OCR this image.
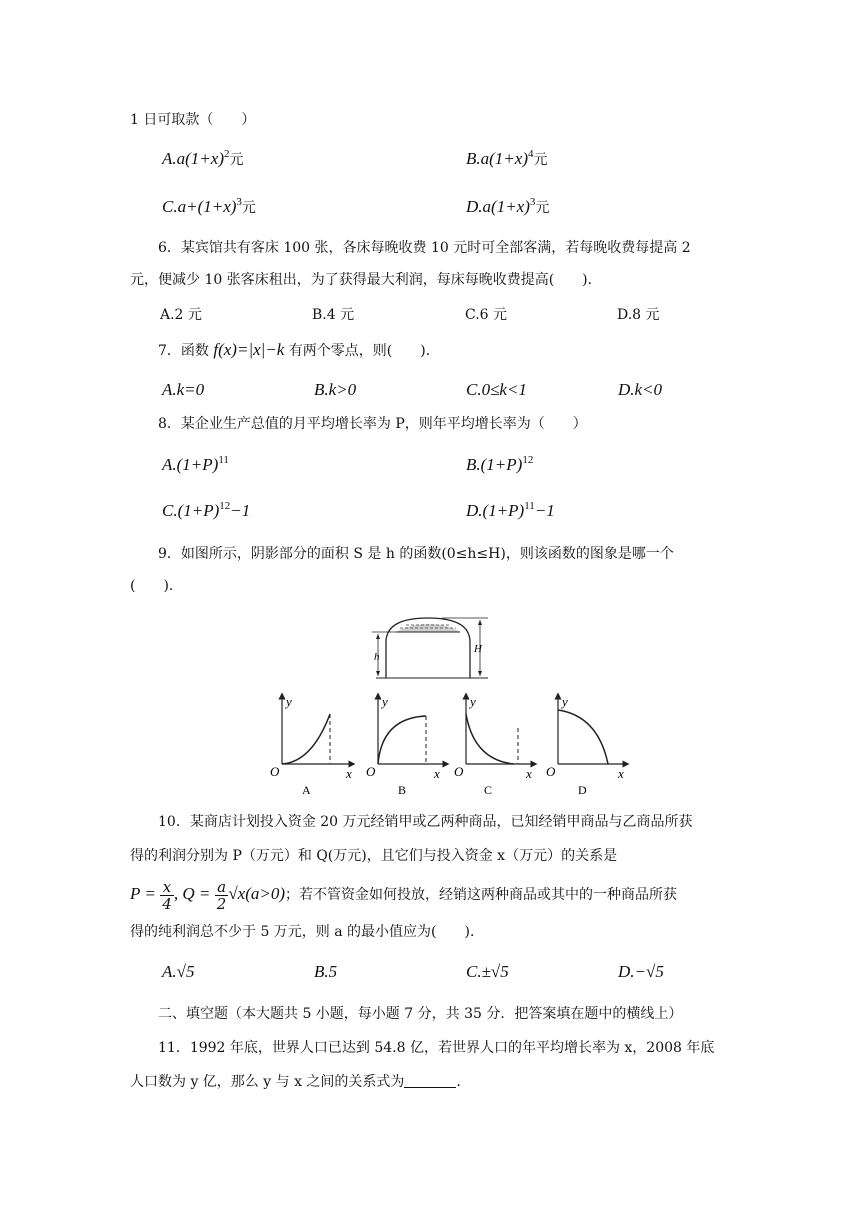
1 日可取款（　　）
$A.a(1+x)^2$元	$B.a(1+x)^4$元
$C.a+(1+x)^3$元	$D.a(1+x)^3$元
6．某宾馆共有客床 100 张，各床每晚收费 10 元时可全部客满，若每晚收费每提高 2
元，便减少 10 张客床租出，为了获得最大利润，每床每晚收费提高(　　)．
A.2 元	B.4 元	C.6 元	D.8 元
7．函数 f(x)=|x|−k 有两个零点，则(　　)．
A.k=0	B.k>0	C.0≤k<1	D.k<0
8．某企业生产总值的月平均增长率为 P，则年平均增长率为（　　）
$A.(1+P)^{11}$	$B.(1+P)^{12}$
$C.(1+P)^{12}-1$	$D.(1+P)^{11}-1$
9．如图所示，阴影部分的面积 S 是 h 的函数(0≤h≤H)，则该函数的图象是哪一个
(　　)．
h
H
y
x
O
A
y
x
O
B
y
x
O
C
y
x
O
D
10．某商店计划投入资金 20 万元经销甲或乙两种商品，已知经销甲商品与乙商品所获
得的利润分别为 P（万元）和 Q(万元)，且它们与投入资金 x（万元）的关系是
$P = \frac{x}{4}$ , $Q = \frac{a}{2} √x(a>0)$；若不管资金如何投放，经销这两种商品或其中的一种商品所获
得的纯利润总不少于 5 万元，则 a 的最小值应为(　　)．
A.√5	B.5	C.±√5	D.−√5
二、填空题（本大题共 5 小题，每小题 7 分，共 35 分．把答案填在题中的横线上）
11．1992 年底，世界人口已达到 54.8 亿，若世界人口的年平均增长率为 x，2008 年底
人口数为 y 亿，那么 y 与 x 之间的关系式为	.
